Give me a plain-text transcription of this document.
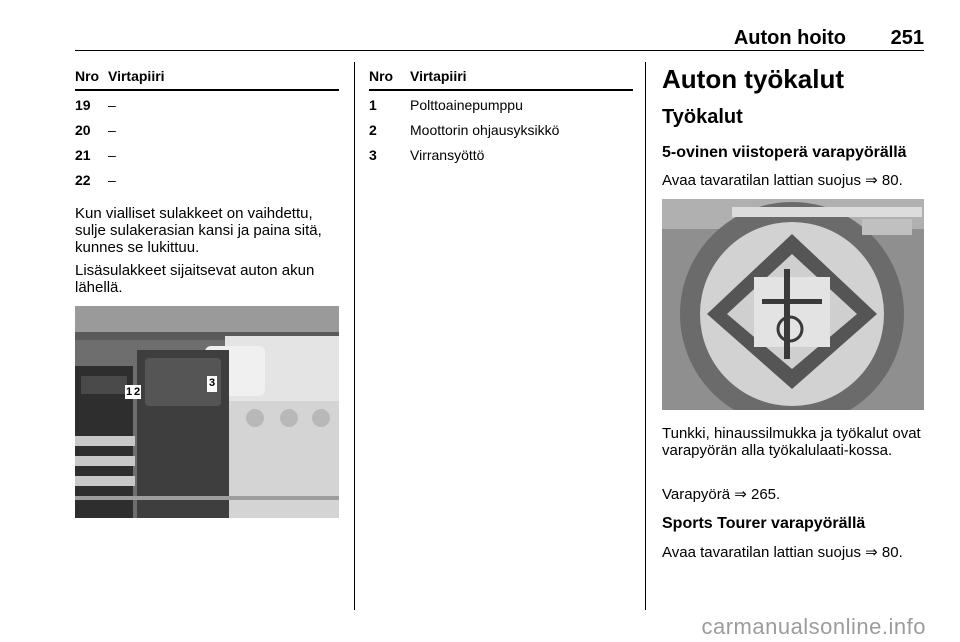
Auton hoito	251
Nro Virtapiiri
19 –
20 –
21 –
22 –
Kun vialliset sulakkeet on vaihdettu, sulje sulakerasian kansi ja paina sitä, kunnes se lukittuu.
Lisäsulakkeet sijaitsevat auton akun lähellä.
1 2
3
Nro Virtapiiri
1 Polttoainepumppu
2 Moottorin ohjausyksikkö
3 Virransyöttö
Auton työkalut
Työkalut
5-ovinen viistoperä varapyörällä
Avaa tavaratilan lattian suojus ⇒ 80.
Tunkki, hinaussilmukka ja työkalut ovat varapyörän alla työkalulaati-kossa.
Varapyörä ⇒ 265.
Sports Tourer varapyörällä
Avaa tavaratilan lattian suojus ⇒ 80.
carmanualsonline.info
